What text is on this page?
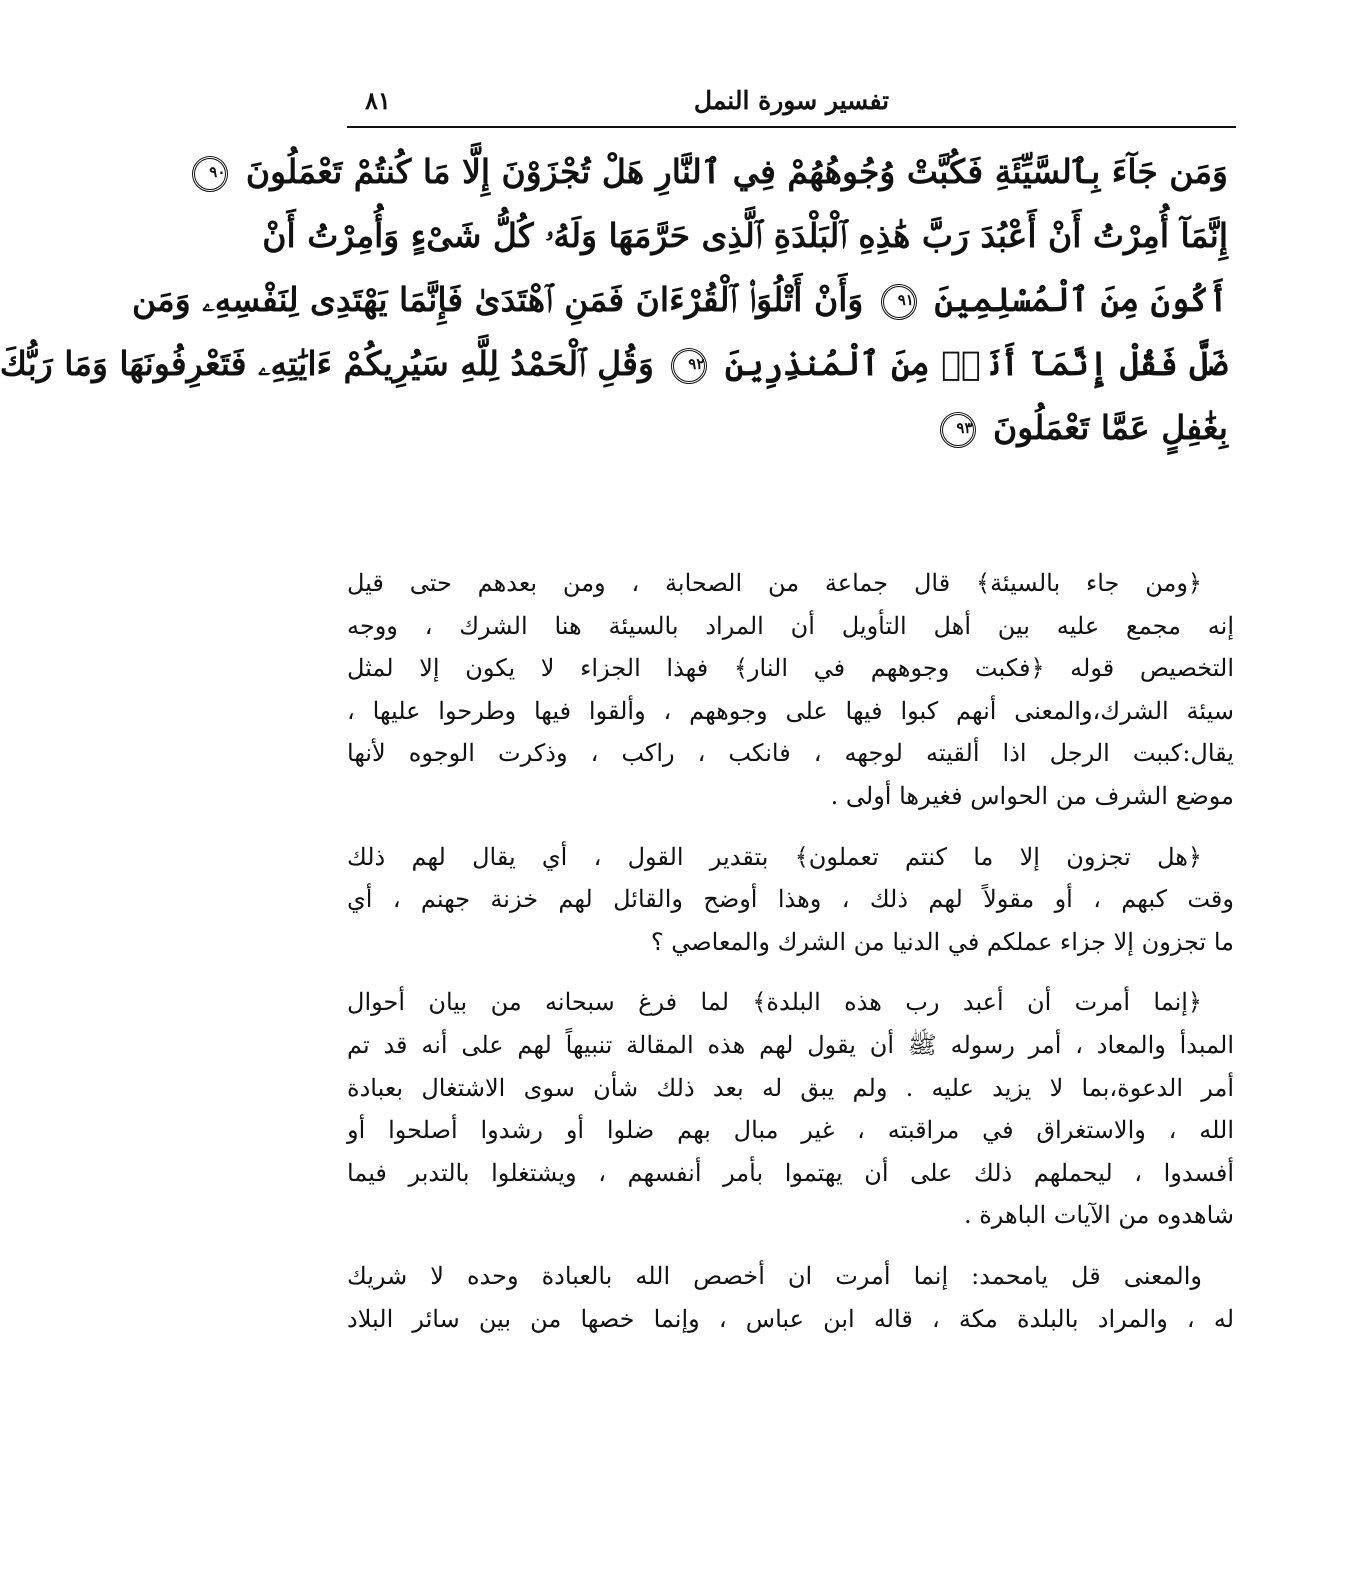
تفسير سورة النمل
٨١
وَمَن جَآءَ بِٱلسَّيِّئَةِ فَكُبَّتْ وُجُوهُهُمْ فِي ٱلنَّارِ هَلْ تُجْزَوْنَ إِلَّا مَا كُنتُمْ تَعْمَلُونَ ٩٠
إِنَّمَآ أُمِرْتُ أَنْ أَعْبُدَ رَبَّ هَٰذِهِ ٱلْبَلْدَةِ ٱلَّذِى حَرَّمَهَا وَلَهُۥ كُلُّ شَىْءٍ وَأُمِرْتُ أَنْ
أَكُونَ مِنَ ٱلْمُسْلِمِينَ ٩١ وَأَنْ أَتْلُوَا۟ ٱلْقُرْءَانَ فَمَنِ ٱهْتَدَىٰ فَإِنَّمَا يَهْتَدِى لِنَفْسِهِۦ وَمَن
ضَلَّ فَقُلْ إِنَّمَآ أَنَا۠ مِنَ ٱلْمُنذِرِينَ ٩٢ وَقُلِ ٱلْحَمْدُ لِلَّهِ سَيُرِيكُمْ ءَايَٰتِهِۦ فَتَعْرِفُونَهَا وَمَا رَبُّكَ
بِغَٰفِلٍ عَمَّا تَعْمَلُونَ ٩٣
﴿ومن جاء بالسيئة﴾ قال جماعة من الصحابة ، ومن بعدهم حتى قيل
إنه مجمع عليه بين أهل التأويل أن المراد بالسيئة هنا الشرك ، ووجه
التخصيص قوله ﴿فكبت وجوههم في النار﴾ فهذا الجزاء لا يكون إلا لمثل
سيئة الشرك،والمعنى أنهم كبوا فيها على وجوههم ، وألقوا فيها وطرحوا عليها ،
يقال:كببت الرجل اذا ألقيته لوجهه ، فانكب ، راكب ، وذكرت الوجوه لأنها
موضع الشرف من الحواس فغيرها أولى .
﴿هل تجزون إلا ما كنتم تعملون﴾ بتقدير القول ، أي يقال لهم ذلك
وقت كبهم ، أو مقولاً لهم ذلك ، وهذا أوضح والقائل لهم خزنة جهنم ، أي
ما تجزون إلا جزاء عملكم في الدنيا من الشرك والمعاصي ؟
﴿إنما أمرت أن أعبد رب هذه البلدة﴾ لما فرغ سبحانه من بيان أحوال
المبدأ والمعاد ، أمر رسوله ﷺ أن يقول لهم هذه المقالة تنبيهاً لهم على أنه قد تم
أمر الدعوة،بما لا يزيد عليه . ولم يبق له بعد ذلك شأن سوى الاشتغال بعبادة
الله ، والاستغراق في مراقبته ، غير مبال بهم ضلوا أو رشدوا أصلحوا أو
أفسدوا ، ليحملهم ذلك على أن يهتموا بأمر أنفسهم ، ويشتغلوا بالتدبر فيما
شاهدوه من الآيات الباهرة .
والمعنى قل يامحمد: إنما أمرت ان أخصص الله بالعبادة وحده لا شريك
له ، والمراد بالبلدة مكة ، قاله ابن عباس ، وإنما خصها من بين سائر البلاد
